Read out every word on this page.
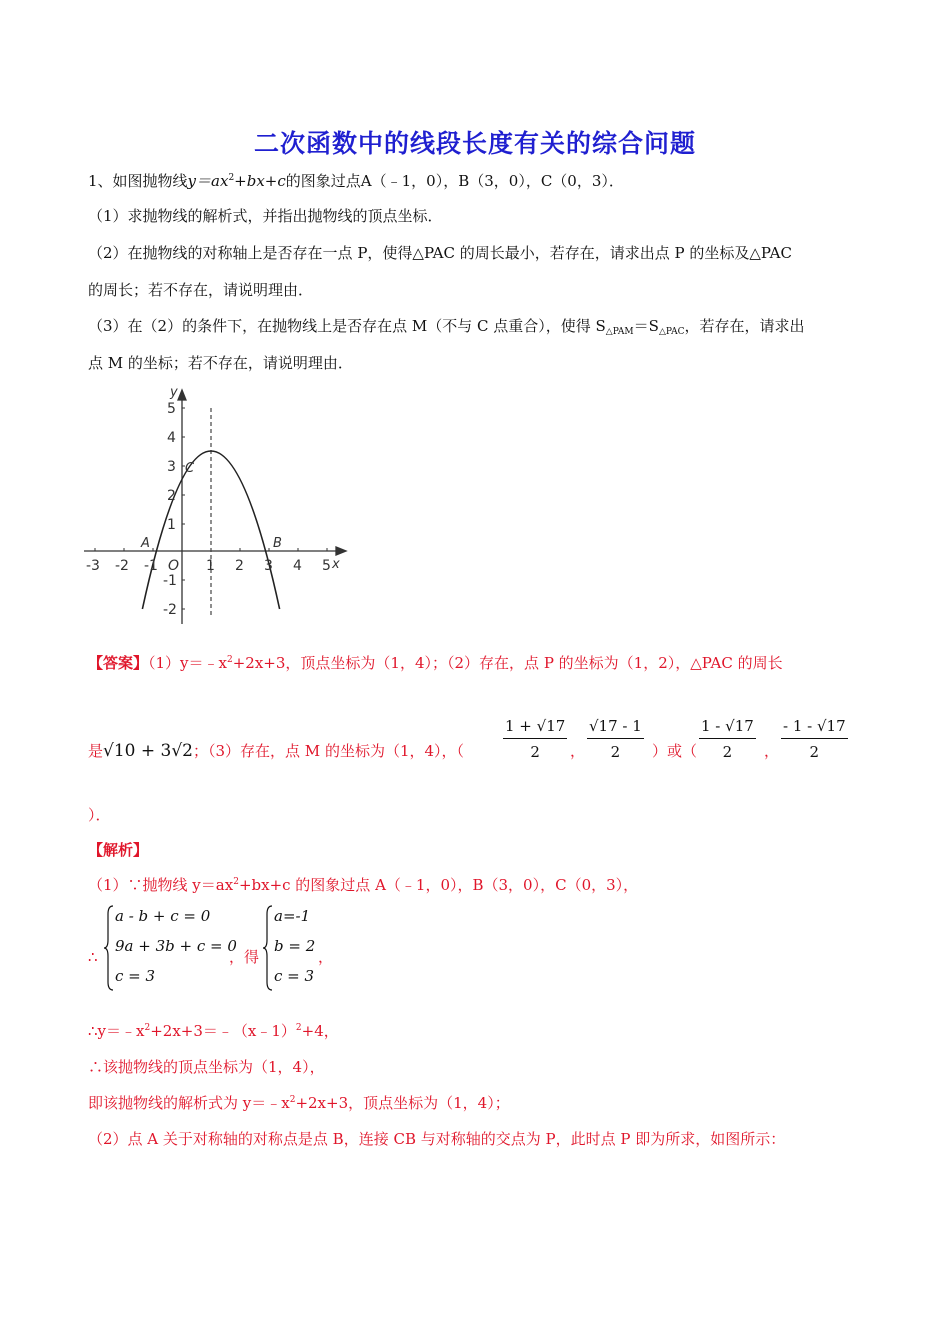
二次函数中的线段长度有关的综合问题
1、如图抛物线$y=ax^2+bx+c$的图象过点A（﹣1，0），B（3，0），C（0，3）．
（1）求抛物线的解析式，并指出抛物线的顶点坐标．
（2）在抛物线的对称轴上是否存在一点 P，使得△PAC 的周长最小，若存在，请求出点 P 的坐标及△PAC
的周长；若不存在，请说明理由．
（3）在（2）的条件下，在抛物线上是否存在点 M（不与 C 点重合），使得 $S_{\triangle PAM}=S_{\triangle PAC}$，若存在，请求出
点 M 的坐标；若不存在，请说明理由．
-3 -2 -1 O 1 2 3 4 5 x
5
4
3
2
1
-1
-2
y
A	B
C
【答案】$(1)y=﹣x^2+2x+3$，顶点坐标为（1，4）；（2）存在，点 P 的坐标为（1，2），△PAC 的周长
是√10 + 3√2；（3）存在，点 M 的坐标为（1，4），（	$\frac{1 + √17}{2}$ ， $\frac{√17 - 1}{2}$ ）或（ $\frac{1 - √17}{2}$ ， $\frac{- 1 - √17}{2}$
）．
【解析】
（1）∵抛物线 $y=ax^2+bx+c$ 的图象过点 A（﹣1，0），B（3，0），C（0，3），
∴
a - b + c = 0
9a + 3b + c = 0
c = 3
，得
a=-1
b = 2
c = 3
，
$\therefore y=﹣x^2+2x+3=﹣(x﹣1)^2+4$，
∴该抛物线的顶点坐标为（1，4），
即该抛物线的解析式为 $y=﹣x^2+2x+3$，顶点坐标为（1，4）；
（2）点 A 关于对称轴的对称点是点 B，连接 CB 与对称轴的交点为 P，此时点 P 即为所求，如图所示：
